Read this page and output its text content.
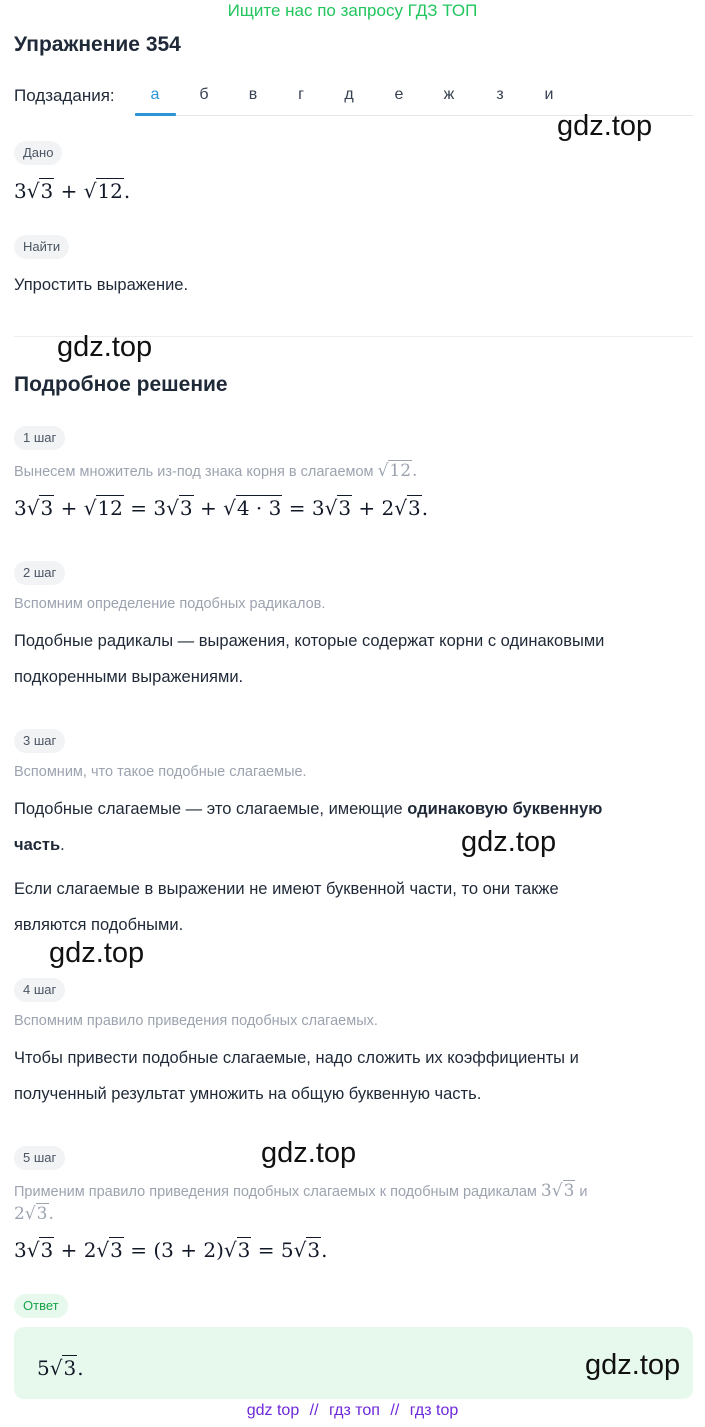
Ищите нас по запросу ГДЗ ТОП
Упражнение 354
Подзадания:	а	б	в	г	д	е	ж	з	и
gdz.top
Дано
3√3 + √12.
Найти
Упростить выражение.
gdz.top
Подробное решение
1 шаг
Вынесем множитель из-под знака корня в слагаемом √12.
3√3 + √12 = 3√3 + √4 · 3 = 3√3 + 2√3.
2 шаг
Вспомним определение подобных радикалов.
Подобные радикалы — выражения, которые содержат корни с одинаковыми
подкоренными выражениями.
3 шаг
Вспомним, что такое подобные слагаемые.
Подобные слагаемые — это слагаемые, имеющие одинаковую буквенную
часть.	gdz.top
Если слагаемые в выражении не имеют буквенной части, то они также
являются подобными.
gdz.top
4 шаг
Вспомним правило приведения подобных слагаемых.
Чтобы привести подобные слагаемые, надо сложить их коэффициенты и
полученный результат умножить на общую буквенную часть.
5 шаг	gdz.top
Применим правило приведения подобных слагаемых к подобным радикалам 3√3 и
2√3.
3√3 + 2√3 = (3 + 2)√3 = 5√3.
Ответ
5√3.	gdz.top
gdz top // гдз топ // гдз top
